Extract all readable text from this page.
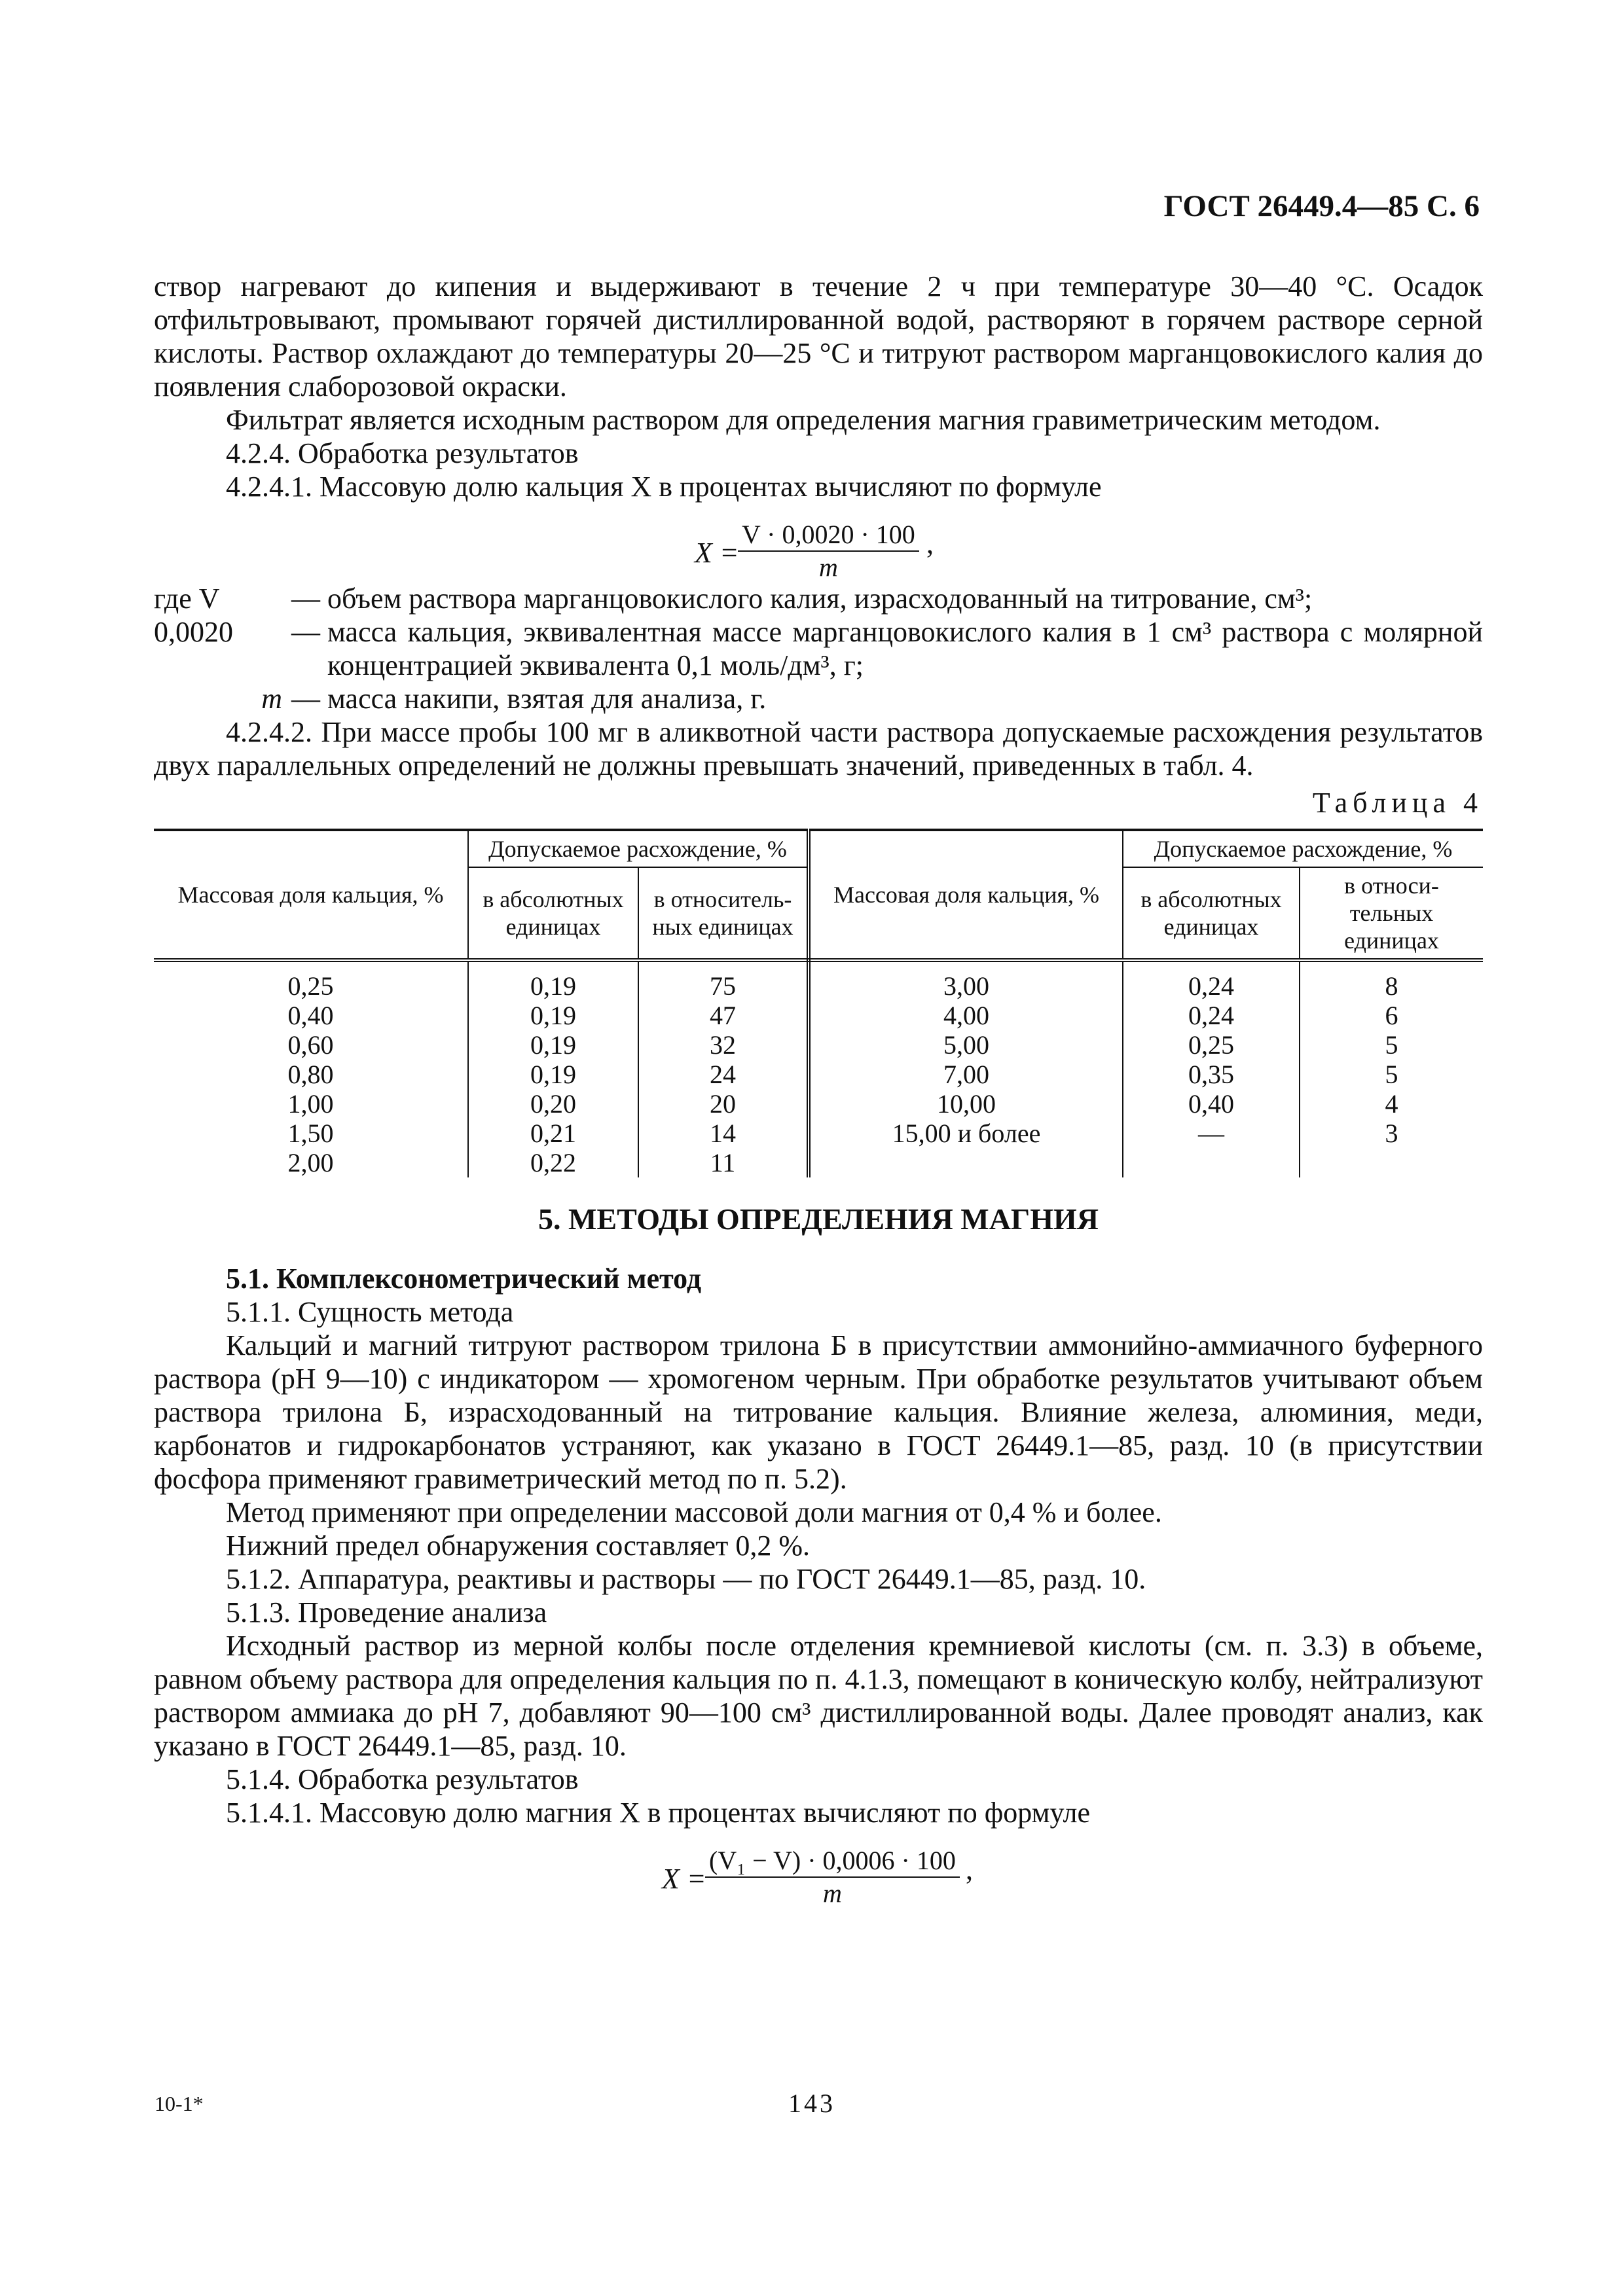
ГОСТ 26449.4—85 С. 6

створ нагревают до кипения и выдерживают в течение 2 ч при температуре 30—40 °С. Осадок отфильтровывают, промывают горячей дистиллированной водой, растворяют в горячем растворе серной кислоты. Раствор охлаждают до температуры 20—25 °С и титруют раствором марганцовокислого калия до появления слаборозовой окраски.

Фильтрат является исходным раствором для определения магния гравиметрическим методом.

4.2.4. Обработка результатов

4.2.4.1. Массовую долю кальция X в процентах вычисляют по формуле

X =
$\frac{V \cdot 0,0020 \cdot 100}{m}$ ,
где V	— объем раствора марганцовокислого калия, израсходованный на титрование, см³;
0,0020	— масса кальция, эквивалентная массе марганцовокислого калия в 1 см³ раствора с молярной концентрацией эквивалента 0,1 моль/дм³, г;
m — масса накипи, взятая для анализа, г.

4.2.4.2. При массе пробы 100 мг в аликвотной части раствора допускаемые расхождения результатов двух параллельных определений не должны превышать значений, приведенных в табл. 4.

Таблица 4
Массовая доля кальция, %	Допускаемое расхождение, %		Массовая доля кальция, %	Допускаемое расхождение, %	
	в абсолютных единицах	в относитель-ных единицах		в абсолютных единицах	в относи-тельных единицах
0,25	0,19	75	3,00	0,24	8
0,40	0,19	47	4,00	0,24	6
0,60	0,19	32	5,00	0,25	5
0,80	0,19	24	7,00	0,35	5
1,00	0,20	20	10,00	0,40	4
1,50	0,21	14	15,00 и более	—	3
2,00	0,22	11			
5. МЕТОДЫ ОПРЕДЕЛЕНИЯ МАГНИЯ

5.1. Комплексонометрический метод

5.1.1. Сущность метода

Кальций и магний титруют раствором трилона Б в присутствии аммонийно-аммиачного буферного раствора (рН 9—10) с индикатором — хромогеном черным. При обработке результатов учитывают объем раствора трилона Б, израсходованный на титрование кальция. Влияние железа, алюминия, меди, карбонатов и гидрокарбонатов устраняют, как указано в ГОСТ 26449.1—85, разд. 10 (в присутствии фосфора применяют гравиметрический метод по п. 5.2).

Метод применяют при определении массовой доли магния от 0,4 % и более.

Нижний предел обнаружения составляет 0,2 %.

5.1.2. Аппаратура, реактивы и растворы — по ГОСТ 26449.1—85, разд. 10.

5.1.3. Проведение анализа

Исходный раствор из мерной колбы после отделения кремниевой кислоты (см. п. 3.3) в объеме, равном объему раствора для определения кальция по п. 4.1.3, помещают в коническую колбу, нейтрализуют раствором аммиака до рН 7, добавляют 90—100 см³ дистиллированной воды. Далее проводят анализ, как указано в ГОСТ 26449.1—85, разд. 10.

5.1.4. Обработка результатов

5.1.4.1. Массовую долю магния X в процентах вычисляют по формуле

X =
$\frac{\text{(V₁ − V) · 0,0006 · 100}}{m}$ ,
10-1*	143
